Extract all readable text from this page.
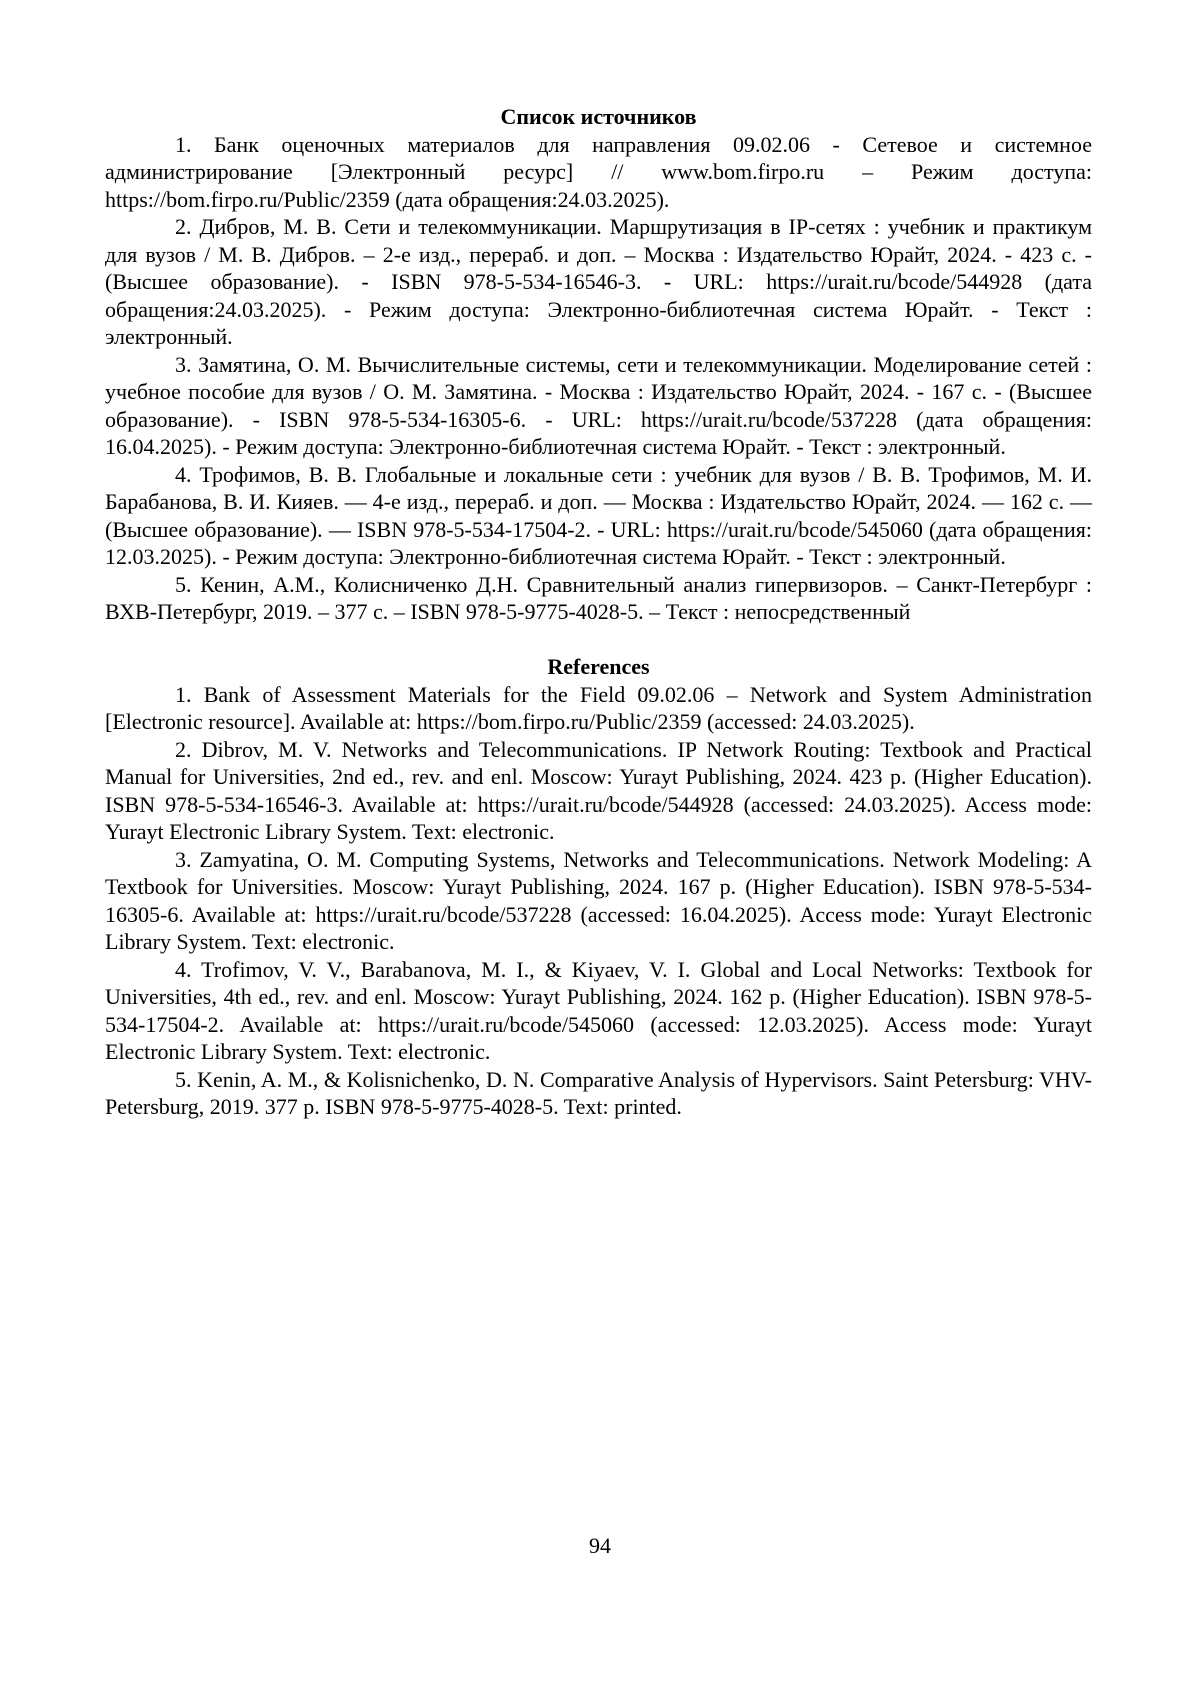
Список источников

1. Банк оценочных материалов для направления 09.02.06 - Сетевое и системное администрирование [Электронный ресурс] // www.bom.firpo.ru – Режим доступа: https://bom.firpo.ru/Public/2359 (дата обращения:24.03.2025).

2. Дибров, М. В. Сети и телекоммуникации. Маршрутизация в IP-сетях : учебник и практикум для вузов / М. В. Дибров. – 2-е изд., перераб. и доп. – Москва : Издательство Юрайт, 2024. - 423 с. - (Высшее образование). - ISBN 978-5-534-16546-3. - URL: https://urait.ru/bcode/544928 (дата обращения:24.03.2025). - Режим доступа: Электронно-библиотечная система Юрайт. - Текст : электронный.

3. Замятина, О. М. Вычислительные системы, сети и телекоммуникации. Моделирование сетей : учебное пособие для вузов / О. М. Замятина. - Москва : Издательство Юрайт, 2024. - 167 с. - (Высшее образование). - ISBN 978-5-534-16305-6. - URL: https://urait.ru/bcode/537228 (дата обращения: 16.04.2025). - Режим доступа: Электронно-библиотечная система Юрайт. - Текст : электронный.

4. Трофимов, В. В. Глобальные и локальные сети : учебник для вузов / В. В. Трофимов, М. И. Барабанова, В. И. Кияев. — 4-е изд., перераб. и доп. — Москва : Издательство Юрайт, 2024. — 162 с. — (Высшее образование). — ISBN 978-5-534-17504-2. - URL: https://urait.ru/bcode/545060 (дата обращения: 12.03.2025). - Режим доступа: Электронно-библиотечная система Юрайт. - Текст : электронный.

5. Кенин, А.М., Колисниченко Д.Н. Сравнительный анализ гипервизоров. – Санкт-Петербург : ВХВ-Петербург, 2019. – 377 с. – ISBN 978-5-9775-4028-5. – Текст : непосредственный

References

1. Bank of Assessment Materials for the Field 09.02.06 – Network and System Administration [Electronic resource]. Available at: https://bom.firpo.ru/Public/2359 (accessed: 24.03.2025).

2. Dibrov, M. V. Networks and Telecommunications. IP Network Routing: Textbook and Practical Manual for Universities, 2nd ed., rev. and enl. Moscow: Yurayt Publishing, 2024. 423 p. (Higher Education). ISBN 978-5-534-16546-3. Available at: https://urait.ru/bcode/544928 (accessed: 24.03.2025). Access mode: Yurayt Electronic Library System. Text: electronic.

3. Zamyatina, O. M. Computing Systems, Networks and Telecommunications. Network Modeling: A Textbook for Universities. Moscow: Yurayt Publishing, 2024. 167 p. (Higher Education). ISBN 978-5-534-16305-6. Available at: https://urait.ru/bcode/537228 (accessed: 16.04.2025). Access mode: Yurayt Electronic Library System. Text: electronic.

4. Trofimov, V. V., Barabanova, M. I., & Kiyaev, V. I. Global and Local Networks: Textbook for Universities, 4th ed., rev. and enl. Moscow: Yurayt Publishing, 2024. 162 p. (Higher Education). ISBN 978-5-534-17504-2. Available at: https://urait.ru/bcode/545060 (accessed: 12.03.2025). Access mode: Yurayt Electronic Library System. Text: electronic.

5. Kenin, A. M., & Kolisnichenko, D. N. Comparative Analysis of Hypervisors. Saint Petersburg: VHV-Petersburg, 2019. 377 p. ISBN 978-5-9775-4028-5. Text: printed.

94
